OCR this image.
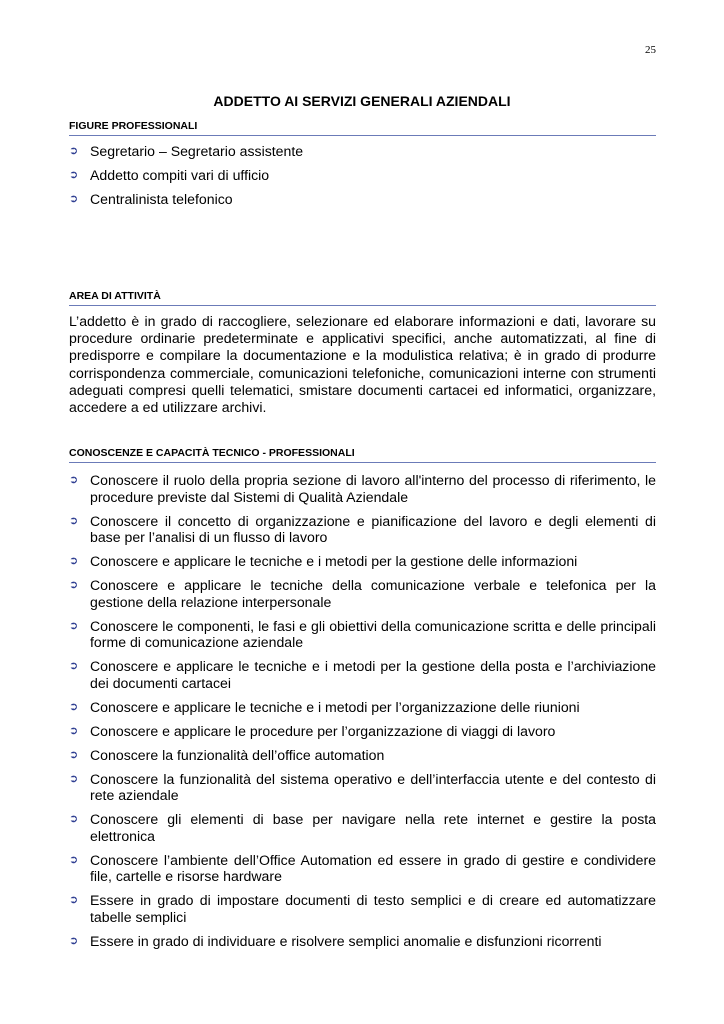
25
ADDETTO AI SERVIZI GENERALI AZIENDALI
FIGURE PROFESSIONALI
➲ Segretario – Segretario assistente
➲ Addetto compiti vari di ufficio
➲ Centralinista telefonico
AREA DI ATTIVITÀ

L’addetto è in grado di raccogliere, selezionare ed elaborare informazioni e dati, lavorare su procedure ordinarie predeterminate e applicativi specifici, anche automatizzati, al fine di predisporre e compilare la documentazione e la modulistica relativa; è in grado di produrre corrispondenza commerciale, comunicazioni telefoniche, comunicazioni interne con strumenti adeguati compresi quelli telematici, smistare documenti cartacei ed informatici, organizzare, accedere a ed utilizzare archivi.

CONOSCENZE E CAPACITÀ TECNICO - PROFESSIONALI
➲ Conoscere il ruolo della propria sezione di lavoro all'interno del processo di riferimento, le procedure previste dal Sistemi di Qualità Aziendale
➲ Conoscere il concetto di organizzazione e pianificazione del lavoro e degli elementi di base per l’analisi di un flusso di lavoro
➲ Conoscere e applicare le tecniche e i metodi per la gestione delle informazioni
➲ Conoscere e applicare le tecniche della comunicazione verbale e telefonica per la gestione della relazione interpersonale
➲ Conoscere le componenti, le fasi e gli obiettivi della comunicazione scritta e delle principali forme di comunicazione aziendale
➲ Conoscere e applicare le tecniche e i metodi per la gestione della posta e l’archiviazione dei documenti cartacei
➲ Conoscere e applicare le tecniche e i metodi per l’organizzazione delle riunioni
➲ Conoscere e applicare le procedure per l’organizzazione di viaggi di lavoro
➲ Conoscere la funzionalità dell’office automation
➲ Conoscere la funzionalità del sistema operativo e dell’interfaccia utente e del contesto di rete aziendale
➲ Conoscere gli elementi di base per navigare nella rete internet e gestire la posta elettronica
➲ Conoscere l’ambiente dell’Office Automation ed essere in grado di gestire e condividere file, cartelle e risorse hardware
➲ Essere in grado di impostare documenti di testo semplici e di creare ed automatizzare tabelle semplici
➲ Essere in grado di individuare e risolvere semplici anomalie e disfunzioni ricorrenti
